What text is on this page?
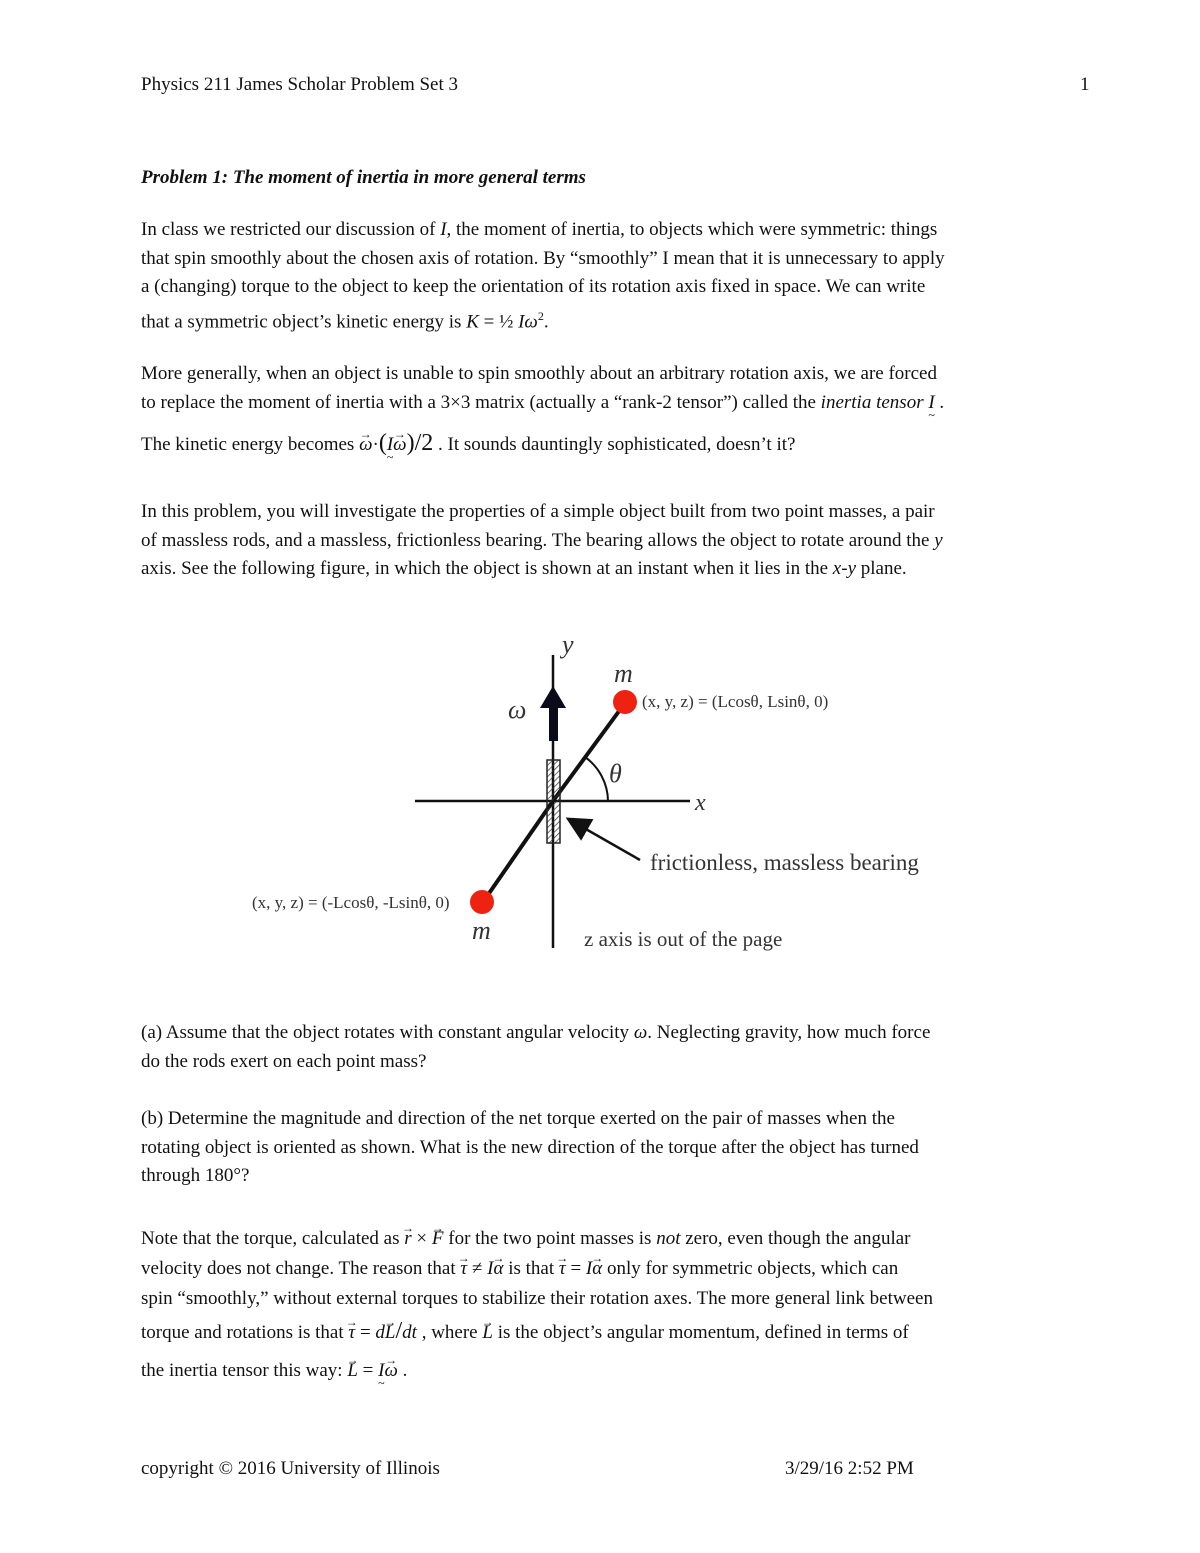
Physics 211 James Scholar Problem Set 3	1
Problem 1: The moment of inertia in more general terms
In class we restricted our discussion of I, the moment of inertia, to objects which were symmetric: things
that spin smoothly about the chosen axis of rotation. By “smoothly” I mean that it is unnecessary to apply
a (changing) torque to the object to keep the orientation of its rotation axis fixed in space. We can write
that a symmetric object’s kinetic energy is K = ½ $I\omega^2$.
More generally, when an object is unable to spin smoothly about an arbitrary rotation axis, we are forced
to replace the moment of inertia with a 3×3 matrix (actually a “rank-2 tensor”) called the inertia tensor I ~ .
The kinetic energy becomes → ω·(I ~→ ω)/2 . It sounds dauntingly sophisticated, doesn’t it?
In this problem, you will investigate the properties of a simple object built from two point masses, a pair
of massless rods, and a massless, frictionless bearing. The bearing allows the object to rotate around the y
axis. See the following figure, in which the object is shown at an instant when it lies in the x-y plane.
y
x
ω⃗
θ
m
m
(x, y, z) = (Lcosθ, Lsinθ, 0)
(x, y, z) = (-Lcosθ, -Lsinθ, 0)
frictionless, massless bearing
z axis is out of the page
(a) Assume that the object rotates with constant angular velocity ω. Neglecting gravity, how much force
do the rods exert on each point mass?
(b) Determine the magnitude and direction of the net torque exerted on the pair of masses when the
rotating object is oriented as shown. What is the new direction of the torque after the object has turned
through 180°?
Note that the torque, calculated as → r × → F for the two point masses is not zero, even though the angular
velocity does not change. The reason that → τ ≠ I→ α is that → τ = I→ α only for symmetric objects, which can
spin “smoothly,” without external torques to stabilize their rotation axes. The more general link between
torque and rotations is that → τ = d→ L/dt , where → L is the object’s angular momentum, defined in terms of
the inertia tensor this way: → L = I ~→ ω .
copyright © 2016 University of Illinois	3/29/16 2:52 PM
